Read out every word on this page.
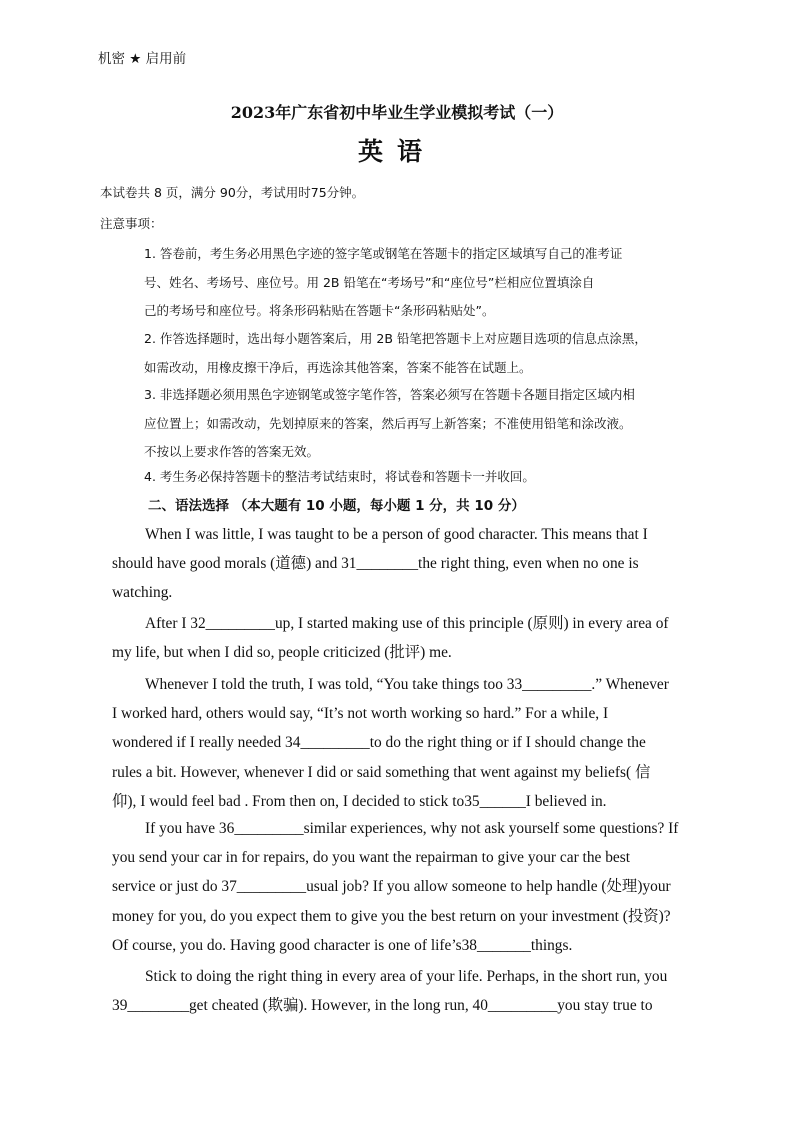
机密 ★ 启用前
2023年广东省初中毕业生学业模拟考试（一）
英语
本试卷共 8 页，满分 90分，考试用时75分钟。
注意事项：
1. 答卷前，考生务必用黑色字迹的签字笔或钢笔在答题卡的指定区域填写自己的准考证
号、姓名、考场号、座位号。用 2B 铅笔在“考场号”和“座位号”栏相应位置填涂自
己的考场号和座位号。将条形码粘贴在答题卡“条形码粘贴处”。
2. 作答选择题时，选出每小题答案后，用 2B 铅笔把答题卡上对应题目选项的信息点涂黑，
如需改动，用橡皮擦干净后，再选涂其他答案，答案不能答在试题上。
3. 非选择题必须用黑色字迹钢笔或签字笔作答，答案必须写在答题卡各题目指定区域内相
应位置上；如需改动，先划掉原来的答案，然后再写上新答案；不准使用铅笔和涂改液。
不按以上要求作答的答案无效。
4. 考生务必保持答题卡的整洁考试结束时，将试卷和答题卡一并收回。
二、语法选择 （本大题有 10 小题，每小题 1 分，共 10 分）
When I was little, I was taught to be a person of good character. This means that I
should have good morals (道德) and 31________the right thing, even when no one is
watching.
After I 32_________up, I started making use of this principle (原则) in every area of
my life, but when I did so, people criticized (批评) me.
Whenever I told the truth, I was told, “You take things too 33_________.” Whenever
I worked hard, others would say, “It’s not worth working so hard.” For a while, I
wondered if I really needed 34_________to do the right thing or if I should change the
rules a bit. However, whenever I did or said something that went against my beliefs( 信
仰), I would feel bad . From then on, I decided to stick to35______I believed in.
If you have 36_________similar experiences, why not ask yourself some questions? If
you send your car in for repairs, do you want the repairman to give your car the best
service or just do 37_________usual job? If you allow someone to help handle (处理)your
money for you, do you expect them to give you the best return on your investment (投资)?
Of course, you do. Having good character is one of life’s38_______things.
Stick to doing the right thing in every area of your life. Perhaps, in the short run, you
39________get cheated (欺骗). However, in the long run, 40_________you stay true to
